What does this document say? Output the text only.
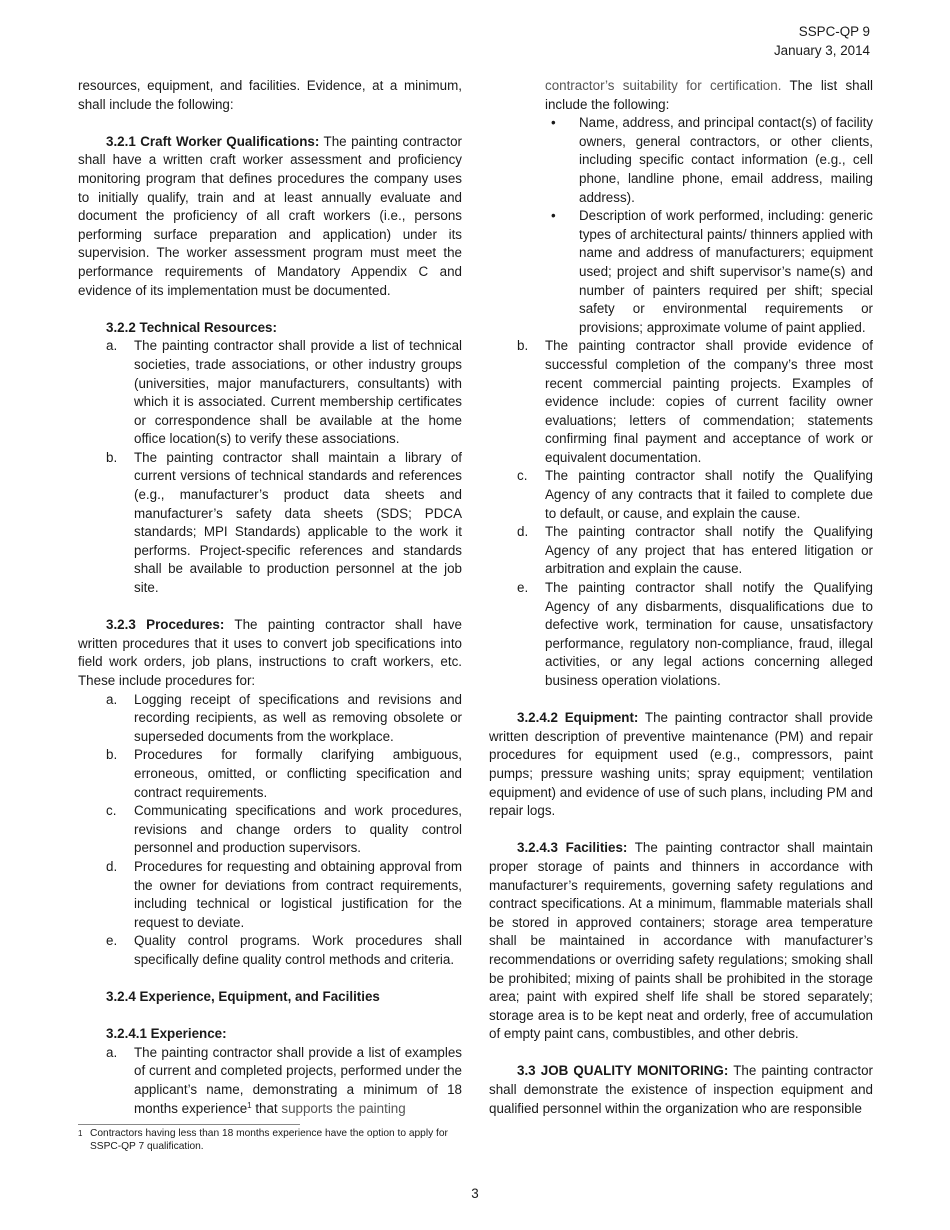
SSPC-QP 9
January 3, 2014

resources, equipment, and facilities. Evidence, at a minimum, shall include the following:

3.2.1 Craft Worker Qualifications: The painting contractor shall have a written craft worker assessment and proficiency monitoring program that defines procedures the company uses to initially qualify, train and at least annually evaluate and document the proficiency of all craft workers (i.e., persons performing surface preparation and application) under its supervision. The worker assessment program must meet the performance requirements of Mandatory Appendix C and evidence of its implementation must be documented.

3.2.2 Technical Resources:

a. The painting contractor shall provide a list of technical societies, trade associations, or other industry groups (universities, major manufacturers, consultants) with which it is associated. Current membership certificates or correspondence shall be available at the home office location(s) to verify these associations.
b. The painting contractor shall maintain a library of current versions of technical standards and references (e.g., manufacturer’s product data sheets and manufacturer’s safety data sheets (SDS; PDCA standards; MPI Standards) applicable to the work it performs. Project-specific references and standards shall be available to production personnel at the job site.

3.2.3 Procedures: The painting contractor shall have written procedures that it uses to convert job specifications into field work orders, job plans, instructions to craft workers, etc. These include procedures for:

a. Logging receipt of specifications and revisions and recording recipients, as well as removing obsolete or superseded documents from the workplace.
b. Procedures for formally clarifying ambiguous, erroneous, omitted, or conflicting specification and contract requirements.
c. Communicating specifications and work procedures, revisions and change orders to quality control personnel and production supervisors.
d. Procedures for requesting and obtaining approval from the owner for deviations from contract requirements, including technical or logistical justification for the request to deviate.
e. Quality control programs. Work procedures shall specifically define quality control methods and criteria.

3.2.4 Experience, Equipment, and Facilities

3.2.4.1 Experience:

a. The painting contractor shall provide a list of examples of current and completed projects, performed under the applicant’s name, demonstrating a minimum of 18 months experience$^1$ that supports the painting

contractor’s suitability for certification. The list shall include the following:

• Name, address, and principal contact(s) of facility owners, general contractors, or other clients, including specific contact information (e.g., cell phone, landline phone, email address, mailing address).
• Description of work performed, including: generic types of architectural paints/ thinners applied with name and address of manufacturers; equipment used; project and shift supervisor’s name(s) and number of painters required per shift; special safety or environmental requirements or provisions; approximate volume of paint applied.
b. The painting contractor shall provide evidence of successful completion of the company’s three most recent commercial painting projects. Examples of evidence include: copies of current facility owner evaluations; letters of commendation; statements confirming final payment and acceptance of work or equivalent documentation.
c. The painting contractor shall notify the Qualifying Agency of any contracts that it failed to complete due to default, or cause, and explain the cause.
d. The painting contractor shall notify the Qualifying Agency of any project that has entered litigation or arbitration and explain the cause.
e. The painting contractor shall notify the Qualifying Agency of any disbarments, disqualifications due to defective work, termination for cause, unsatisfactory performance, regulatory non-compliance, fraud, illegal activities, or any legal actions concerning alleged business operation violations.

3.2.4.2 Equipment: The painting contractor shall provide written description of preventive maintenance (PM) and repair procedures for equipment used (e.g., compressors, paint pumps; pressure washing units; spray equipment; ventilation equipment) and evidence of use of such plans, including PM and repair logs.

3.2.4.3 Facilities: The painting contractor shall maintain proper storage of paints and thinners in accordance with manufacturer’s requirements, governing safety regulations and contract specifications. At a minimum, flammable materials shall be stored in approved containers; storage area temperature shall be maintained in accordance with manufacturer’s recommendations or overriding safety regulations; smoking shall be prohibited; mixing of paints shall be prohibited in the storage area; paint with expired shelf life shall be stored separately; storage area is to be kept neat and orderly, free of accumulation of empty paint cans, combustibles, and other debris.

3.3 JOB QUALITY MONITORING: The painting contractor shall demonstrate the existence of inspection equipment and qualified personnel within the organization who are responsible

1 Contractors having less than 18 months experience have the option to apply for SSPC-QP 7 qualification.
3
